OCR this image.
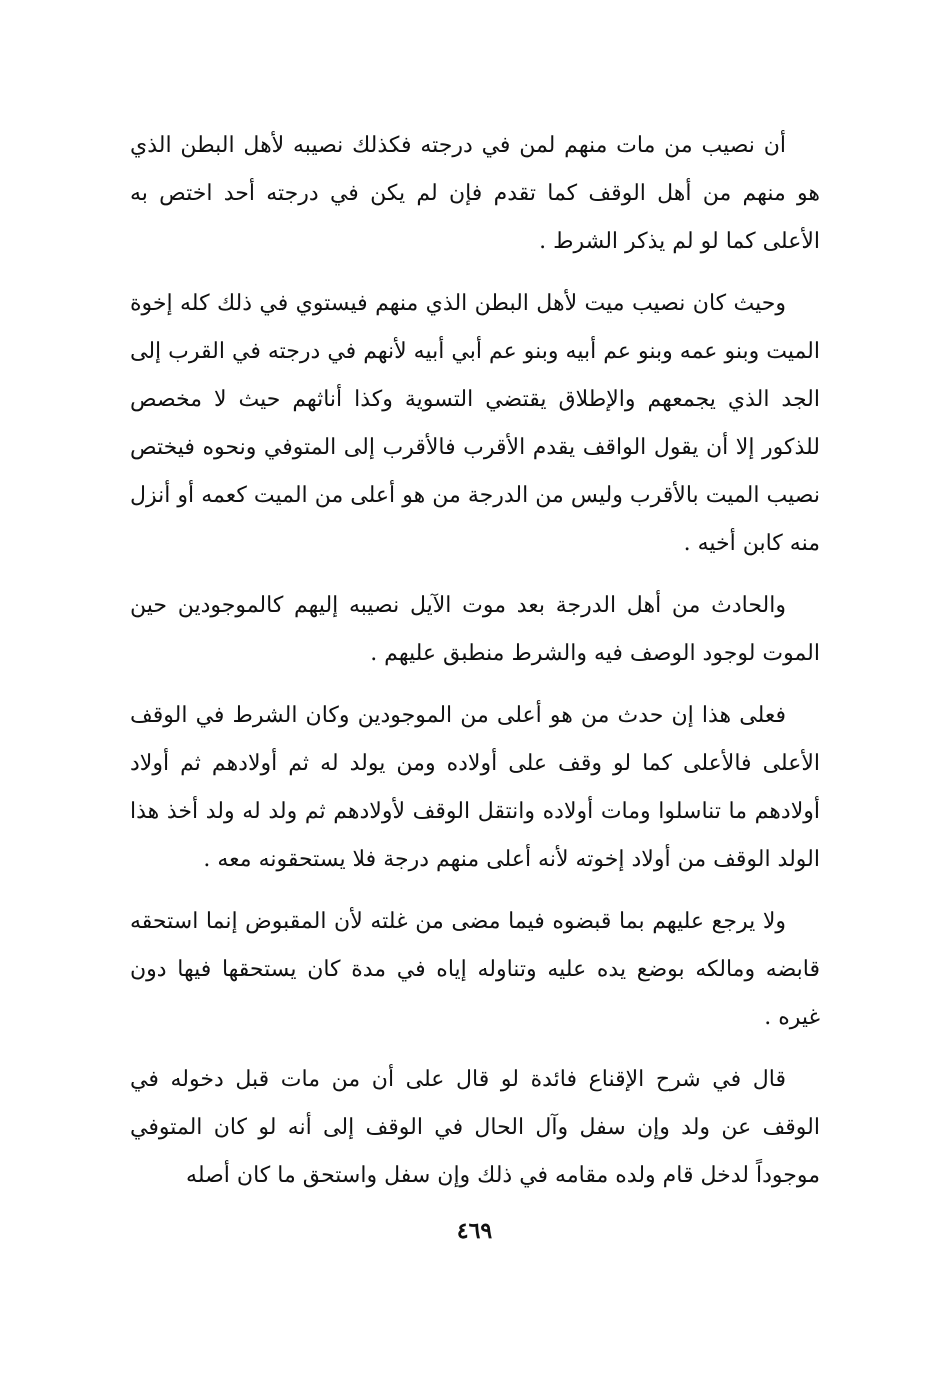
أن نصيب من مات منهم لمن في درجته فكذلك نصيبه لأهل البطن الذي هو منهم من أهل الوقف كما تقدم فإن لم يكن في درجته أحد اختص به الأعلى كما لو لم يذكر الشرط .

وحيث كان نصيب ميت لأهل البطن الذي منهم فيستوي في ذلك كله إخوة الميت وبنو عمه وبنو عم أبيه وبنو عم أبي أبيه لأنهم في درجته في القرب إلى الجد الذي يجمعهم والإطلاق يقتضي التسوية وكذا أناثهم حيث لا مخصص للذكور إلا أن يقول الواقف يقدم الأقرب فالأقرب إلى المتوفي ونحوه فيختص نصيب الميت بالأقرب وليس من الدرجة من هو أعلى من الميت كعمه أو أنزل منه كابن أخيه .

والحادث من أهل الدرجة بعد موت الآيل نصيبه إليهم كالموجودين حين الموت لوجود الوصف فيه والشرط منطبق عليهم .

فعلى هذا إن حدث من هو أعلى من الموجودين وكان الشرط في الوقف الأعلى فالأعلى كما لو وقف على أولاده ومن يولد له ثم أولادهم ثم أولاد أولادهم ما تناسلوا ومات أولاده وانتقل الوقف لأولادهم ثم ولد له ولد أخذ هذا الولد الوقف من أولاد إخوته لأنه أعلى منهم درجة فلا يستحقونه معه .

ولا يرجع عليهم بما قبضوه فيما مضى من غلته لأن المقبوض إنما استحقه قابضه ومالكه بوضع يده عليه وتناوله إياه في مدة كان يستحقها فيها دون غيره .

قال في شرح الإقناع فائدة لو قال على أن من مات قبل دخوله في الوقف عن ولد وإن سفل وآل الحال في الوقف إلى أنه لو كان المتوفي موجوداً لدخل قام ولده مقامه في ذلك وإن سفل واستحق ما كان أصله

٤٦٩
